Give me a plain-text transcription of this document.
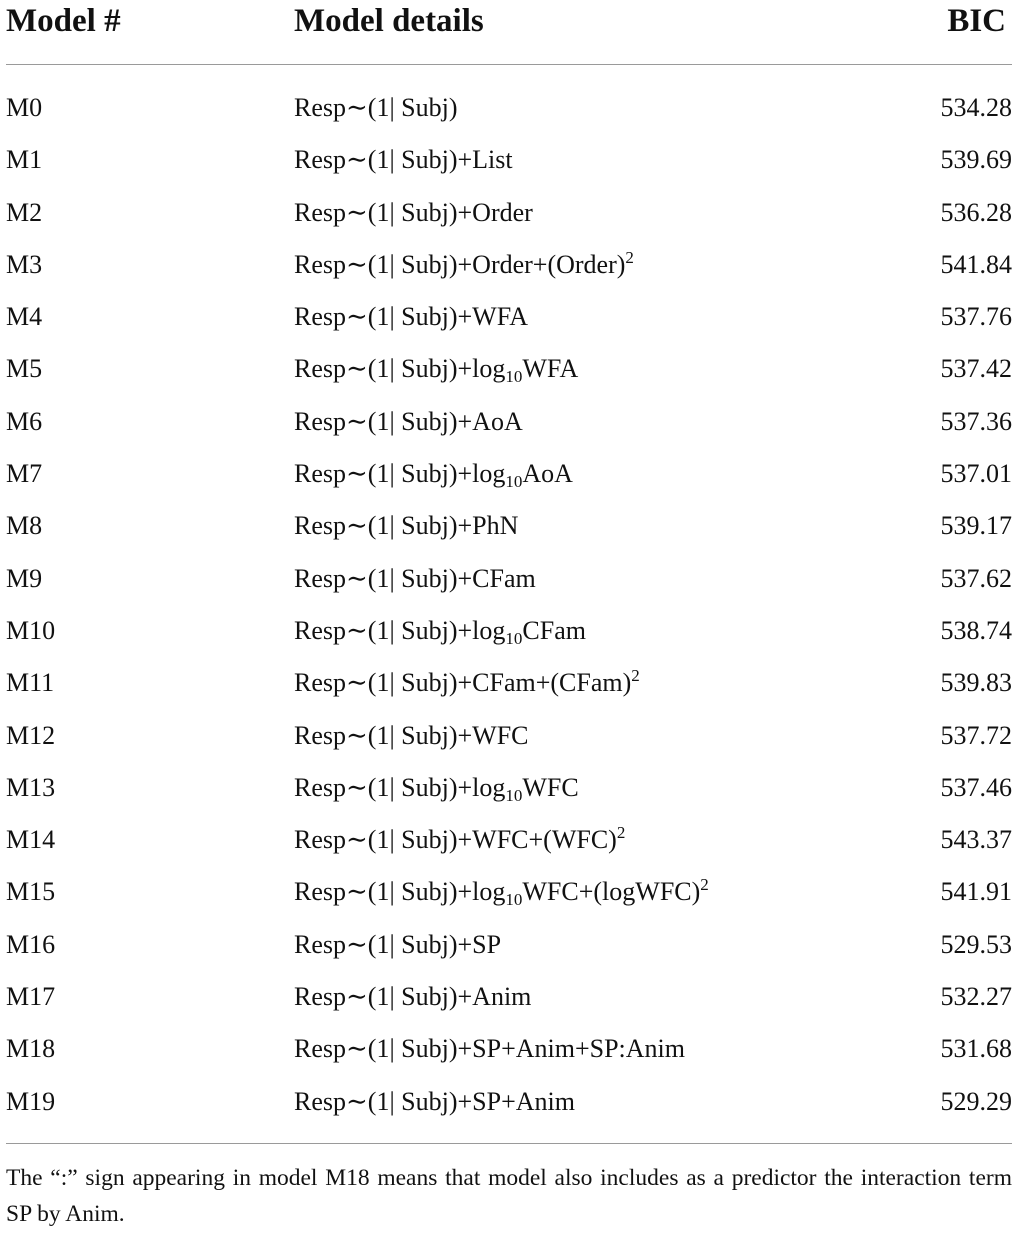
Model #	Model details	BIC
M0	Resp∼(1| Subj)	534.28
M1	Resp∼(1| Subj)+List	539.69
M2	Resp∼(1| Subj)+Order	536.28
M3	Resp∼(1| Subj)+Order+(Order)$^2$	541.84
M4	Resp∼(1| Subj)+WFA	537.76
M5	Resp∼(1| $Subj)+\log_{10}WFA$	537.42
M6	Resp∼(1| Subj)+AoA	537.36
M7	Resp∼(1| $Subj)+\log_{10}AoA$	537.01
M8	Resp∼(1| Subj)+PhN	539.17
M9	Resp∼(1| Subj)+CFam	537.62
M10	Resp∼(1| $Subj)+\log_{10}CFam$	538.74
M11	Resp∼(1| Subj)+CFam+(CFam)$^2$	539.83
M12	Resp∼(1| Subj)+WFC	537.72
M13	Resp∼(1| $Subj)+\log_{10}WFC$	537.46
M14	Resp∼(1| Subj)+WFC+(WFC)$^2$	543.37
M15	Resp∼(1| $Subj)+\log_{10}WFC+(logWFC)^2$	541.91
M16	Resp∼(1| Subj)+SP	529.53
M17	Resp∼(1| Subj)+Anim	532.27
M18	Resp∼(1| Subj)+SP+Anim+SP:Anim	531.68
M19	Resp∼(1| Subj)+SP+Anim	529.29
The “:” sign appearing in model M18 means that model also includes as a predictor the interaction term SP by Anim.
